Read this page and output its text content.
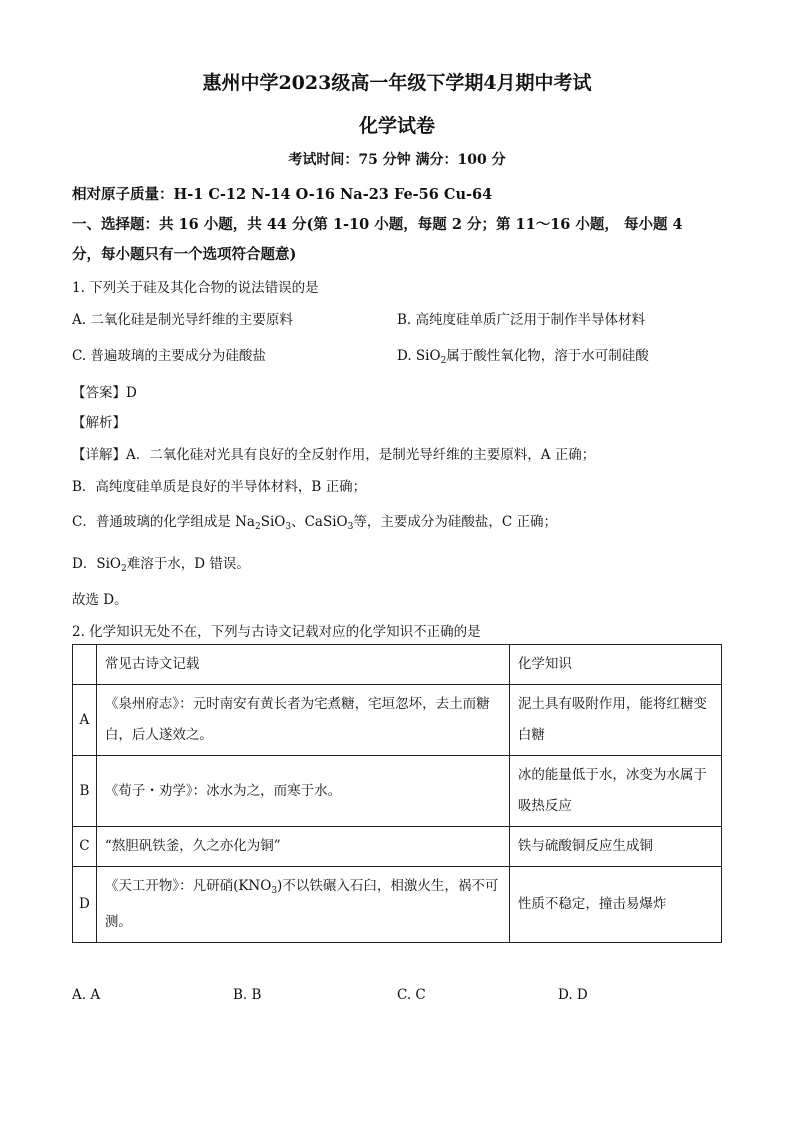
惠州中学2023级高一年级下学期4月期中考试
化学试卷
考试时间：75 分钟 满分：100 分
相对原子质量：H-1 C-12 N-14 O-16 Na-23 Fe-56 Cu-64
一、选择题：共 16 小题，共 44 分(第 1-10 小题，每题 2 分；第 11～16 小题， 每小题 4
分，每小题只有一个选项符合题意)
1. 下列关于硅及其化合物的说法错误的是
A. 二氧化硅是制光导纤维的主要原料	B. 高纯度硅单质广泛用于制作半导体材料
C. 普遍玻璃的主要成分为硅酸盐	D. SiO$_2$属于酸性氧化物，溶于水可制硅酸
【答案】D
【解析】
【详解】A．二氧化硅对光具有良好的全反射作用，是制光导纤维的主要原料，A 正确；
B．高纯度硅单质是良好的半导体材料，B 正确；
C．普通玻璃的化学组成是 $Na_2SiO_3$、CaSiO$_3$等，主要成分为硅酸盐，C 正确；
D．SiO$_2$难溶于水，D 错误。
故选 D。
2. 化学知识无处不在，下列与古诗文记载对应的化学知识不正确的是
	常见古诗文记载	化学知识
A	《泉州府志》：元时南安有黄长者为宅煮糖，宅垣忽坏，去土而糖白，后人遂效之。	泥土具有吸附作用，能将红糖变白糖
B	《荀子・劝学》：冰水为之，而寒于水。	冰的能量低于水，冰变为水属于吸热反应
C	“熬胆矾铁釜，久之亦化为铜”	铁与硫酸铜反应生成铜
D	《天工开物》：凡研硝$(KNO_3)$不以铁碾入石臼，相激火生，祸不可测。	性质不稳定，撞击易爆炸
A. A	B. B	C. C	D. D
